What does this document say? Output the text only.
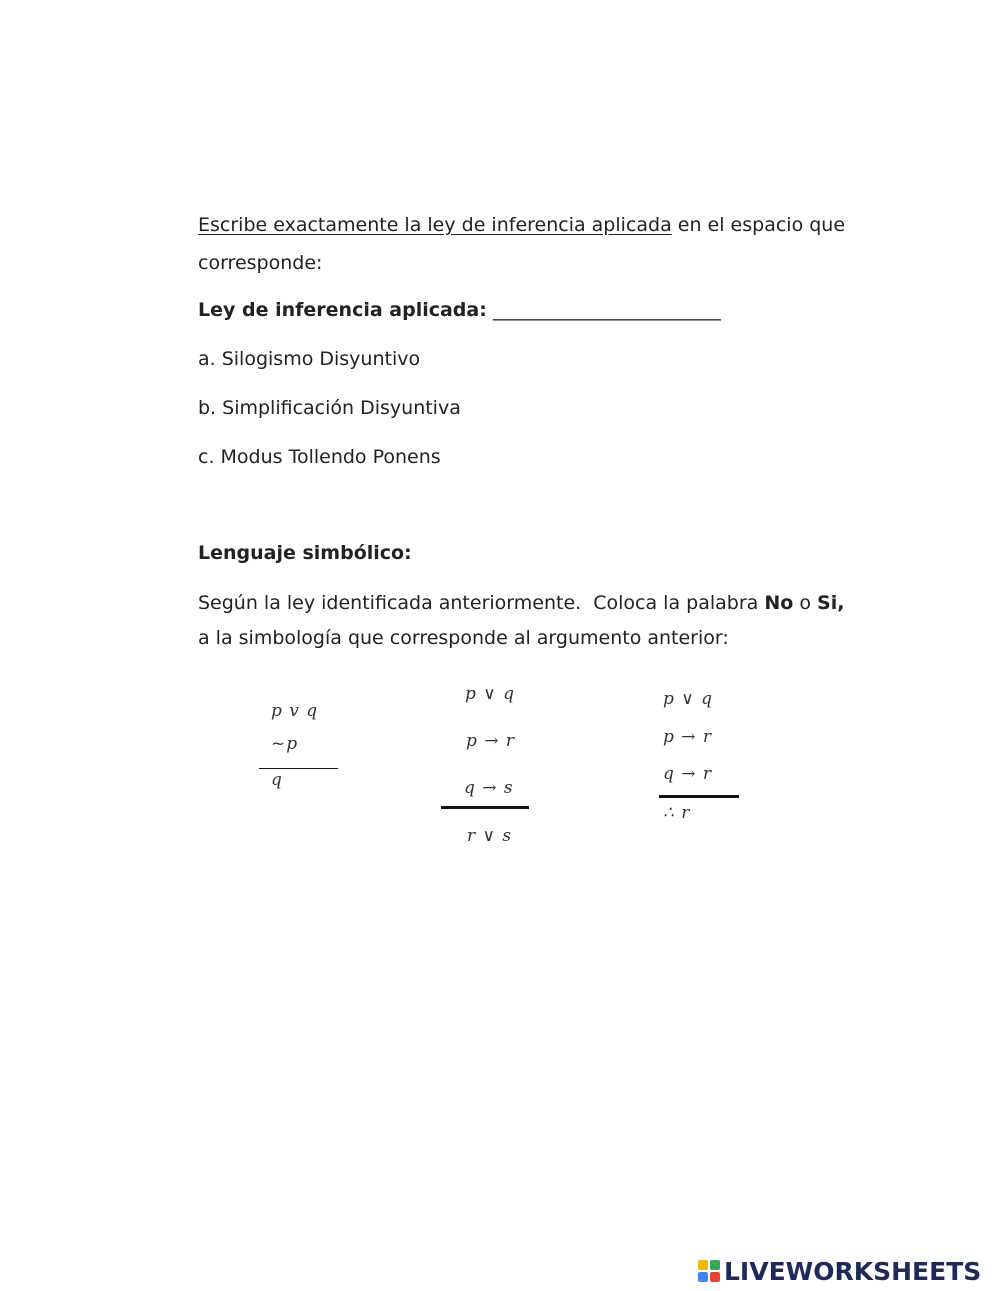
Escribe exactamente la ley de inferencia aplicada en el espacio que
corresponde:
Ley de inferencia aplicada: ________________________
a. Silogismo Disyuntivo
b. Simplificación Disyuntiva
c. Modus Tollendo Ponens
Lenguaje simbólico:
Según la ley identificada anteriormente.  Coloca la palabra No o Si,
a la simbología que corresponde al argumento anterior:
p v q
~p
q
p ∨ q
p → r
q → s
r ∨ s
p ∨ q
p → r
q → r
∴ r
LIVEWORKSHEETS
